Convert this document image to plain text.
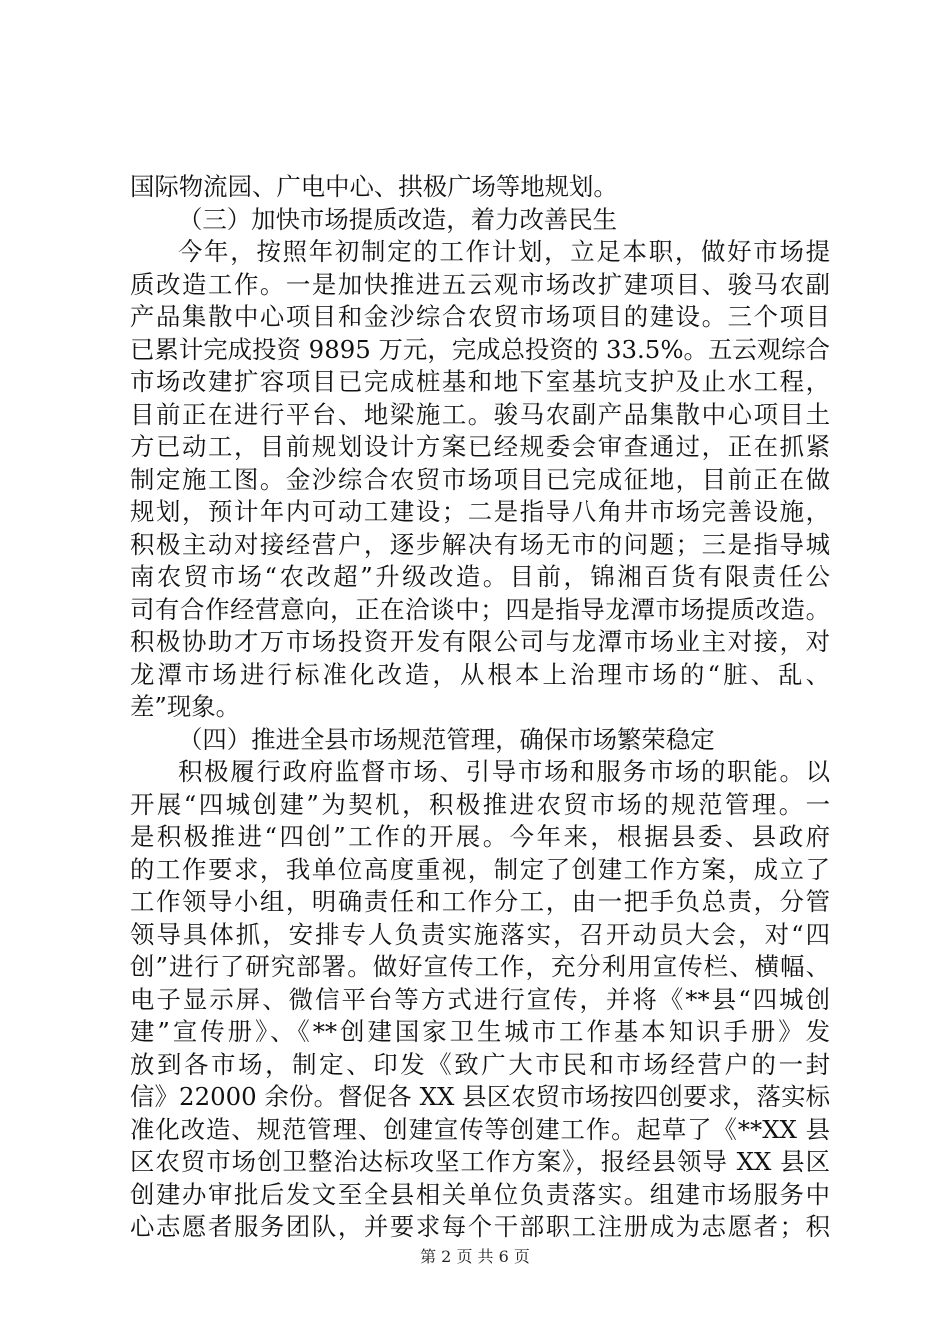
国际物流园、广电中心、拱极广场等地规划。
（三）加快市场提质改造，着力改善民生
今年，按照年初制定的工作计划，立足本职，做好市场提
质改造工作。一是加快推进五云观市场改扩建项目、骏马农副
产品集散中心项目和金沙综合农贸市场项目的建设。三个项目
已累计完成投资 9895 万元，完成总投资的 33.5%。五云观综合
市场改建扩容项目已完成桩基和地下室基坑支护及止水工程，
目前正在进行平台、地梁施工。骏马农副产品集散中心项目土
方已动工，目前规划设计方案已经规委会审查通过，正在抓紧
制定施工图。金沙综合农贸市场项目已完成征地，目前正在做
规划，预计年内可动工建设；二是指导八角井市场完善设施，
积极主动对接经营户，逐步解决有场无市的问题；三是指导城
南农贸市场“农改超”升级改造。目前，锦湘百货有限责任公
司有合作经营意向，正在洽谈中；四是指导龙潭市场提质改造。
积极协助才万市场投资开发有限公司与龙潭市场业主对接，对
龙潭市场进行标准化改造，从根本上治理市场的“脏、乱、
差”现象。
（四）推进全县市场规范管理，确保市场繁荣稳定
积极履行政府监督市场、引导市场和服务市场的职能。以
开展“四城创建”为契机，积极推进农贸市场的规范管理。一
是积极推进“四创”工作的开展。今年来，根据县委、县政府
的工作要求，我单位高度重视，制定了创建工作方案，成立了
工作领导小组，明确责任和工作分工，由一把手负总责，分管
领导具体抓，安排专人负责实施落实，召开动员大会，对“四
创”进行了研究部署。做好宣传工作，充分利用宣传栏、横幅、
电子显示屏、微信平台等方式进行宣传，并将《**县“四城创
建”宣传册》、《**创建国家卫生城市工作基本知识手册》发
放到各市场，制定、印发《致广大市民和市场经营户的一封
信》22000 余份。督促各 XX 县区农贸市场按四创要求，落实标
准化改造、规范管理、创建宣传等创建工作。起草了《**XX 县
区农贸市场创卫整治达标攻坚工作方案》，报经县领导 XX 县区
创建办审批后发文至全县相关单位负责落实。组建市场服务中
心志愿者服务团队，并要求每个干部职工注册成为志愿者；积
第 2 页 共 6 页
